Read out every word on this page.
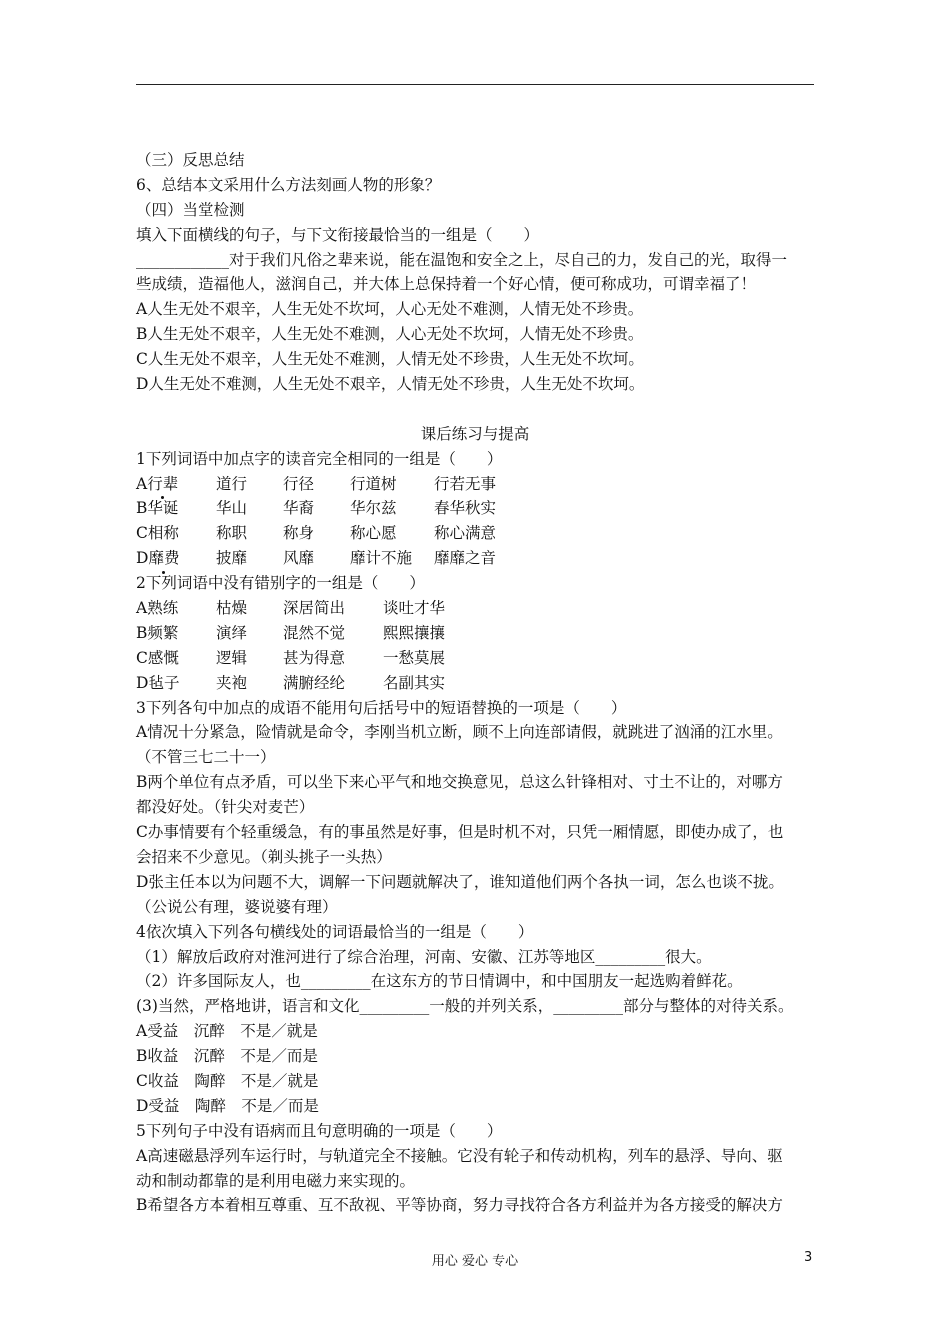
（三）反思总结
6、总结本文采用什么方法刻画人物的形象？
（四）当堂检测
填入下面横线的句子，与下文衔接最恰当的一组是（　　）
____________对于我们凡俗之辈来说，能在温饱和安全之上，尽自己的力，发自己的光，取得一
些成绩，造福他人，滋润自己，并大体上总保持着一个好心情，便可称成功，可谓幸福了！
A人生无处不艰辛，人生无处不坎坷，人心无处不难测，人情无处不珍贵。
B人生无处不艰辛，人生无处不难测，人心无处不坎坷，人情无处不珍贵。
C人生无处不艰辛，人生无处不难测，人情无处不珍贵，人生无处不坎坷。
D人生无处不难测，人生无处不艰辛，人情无处不珍贵，人生无处不坎坷。
课后练习与提高
1下列词语中加点字的读音完全相同的一组是（　　）
A行辈	道行	行径	行道树	行若无事
B华诞	华山	华裔	华尔兹	春华秋实
C相称	称职	称身	称心愿	称心满意
D靡费	披靡	风靡	靡计不施	靡靡之音
2下列词语中没有错别字的一组是（　　）
A熟练	枯燥	深居简出	谈吐才华
B频繁	演绎	混然不觉	熙熙攘攘
C感慨	逻辑	甚为得意	一愁莫展
D毡子	夹袍	满腑经纶	名副其实
3下列各句中加点的成语不能用句后括号中的短语替换的一项是（　　）
A情况十分紧急，险情就是命令，李刚当机立断，顾不上向连部请假，就跳进了汹涌的江水里。
（不管三七二十一）
B两个单位有点矛盾，可以坐下来心平气和地交换意见，总这么针锋相对、寸土不让的，对哪方
都没好处。（针尖对麦芒）
C办事情要有个轻重缓急，有的事虽然是好事，但是时机不对，只凭一厢情愿，即使办成了，也
会招来不少意见。（剃头挑子一头热）
D张主任本以为问题不大，调解一下问题就解决了，谁知道他们两个各执一词，怎么也谈不拢。
（公说公有理，婆说婆有理）
4依次填入下列各句横线处的词语最恰当的一组是（　　）
（1）解放后政府对淮河进行了综合治理，河南、安徽、江苏等地区_________很大。
（2）许多国际友人，也_________在这东方的节日情调中，和中国朋友一起选购着鲜花。
(3)当然，严格地讲，语言和文化_________一般的并列关系，_________部分与整体的对待关系。
A受益　沉醉　不是／就是
B收益　沉醉　不是／而是
C收益　陶醉　不是／就是
D受益　陶醉　不是／而是
5下列句子中没有语病而且句意明确的一项是（　　）
A高速磁悬浮列车运行时，与轨道完全不接触。它没有轮子和传动机构，列车的悬浮、导向、驱
动和制动都靠的是利用电磁力来实现的。
B希望各方本着相互尊重、互不敌视、平等协商，努力寻找符合各方利益并为各方接受的解决方
用心 爱心 专心	3
